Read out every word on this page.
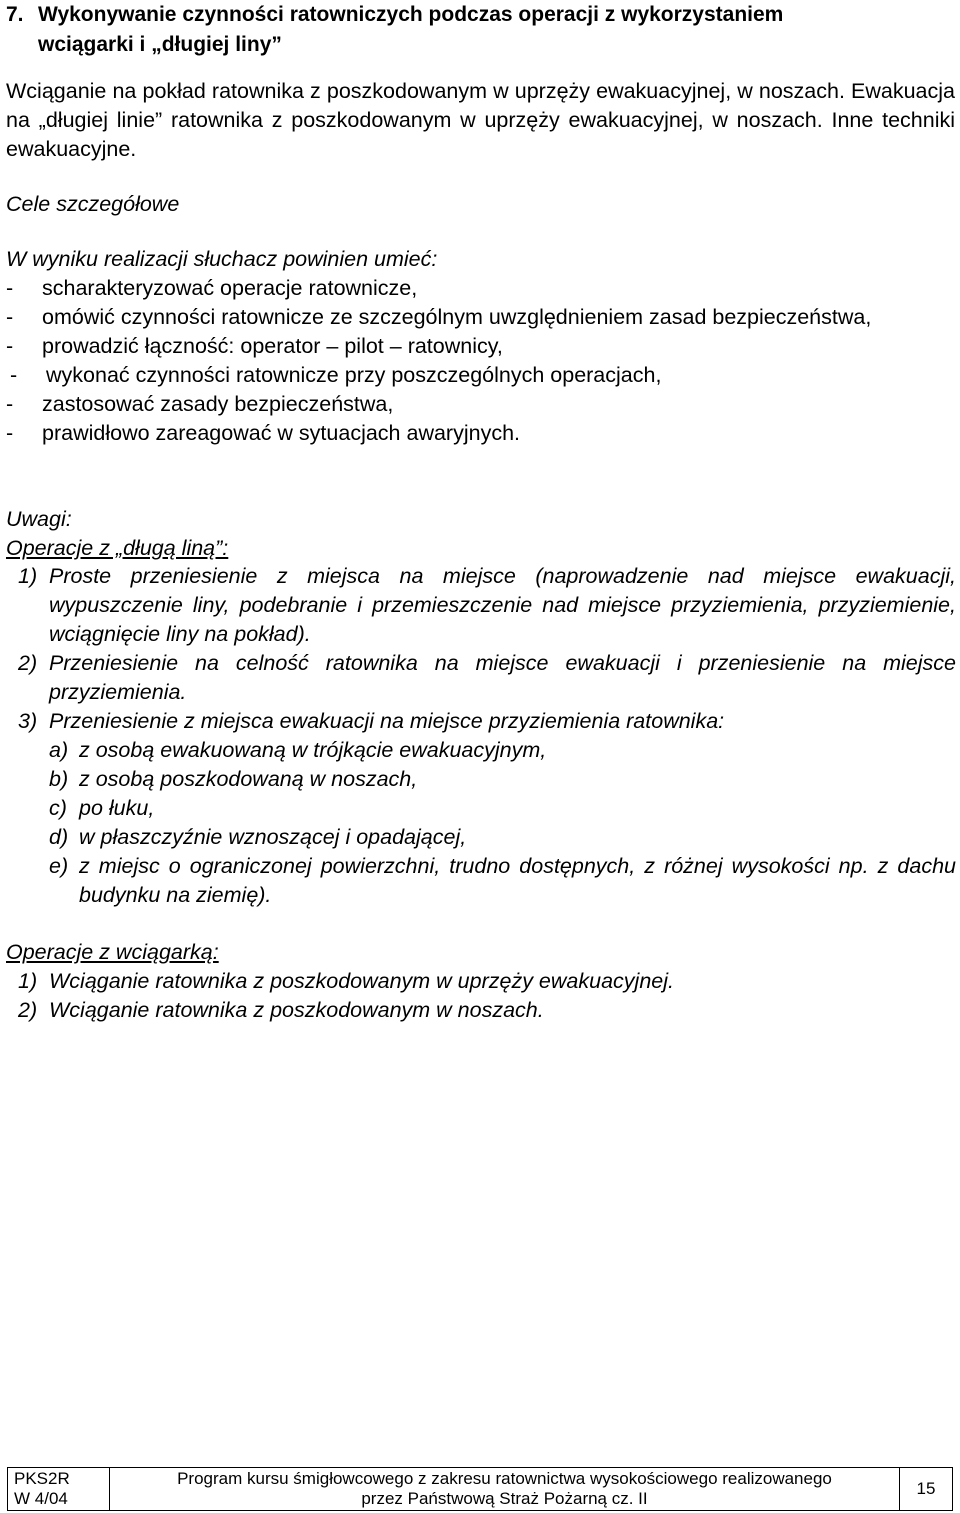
7. Wykonywanie czynności ratowniczych podczas operacji z wykorzystaniem
wciągarki i „długiej liny”
Wciąganie na pokład ratownika z poszkodowanym w uprzęży ewakuacyjnej, w noszach. Ewakuacja na „długiej linie” ratownika z poszkodowanym w uprzęży ewakuacyjnej, w noszach. Inne techniki ewakuacyjne.
Cele szczegółowe
W wyniku realizacji słuchacz powinien umieć:
-	scharakteryzować operacje ratownicze,
-	omówić czynności ratownicze ze szczególnym uwzględnieniem zasad bezpieczeństwa,
-	prowadzić łączność: operator – pilot – ratownicy,
-	wykonać czynności ratownicze przy poszczególnych operacjach,
-	zastosować zasady bezpieczeństwa,
-	prawidłowo zareagować w sytuacjach awaryjnych.
Uwagi:
Operacje z „długą liną”:
1) Proste przeniesienie z miejsca na miejsce (naprowadzenie nad miejsce ewakuacji, wypuszczenie liny, podebranie i przemieszczenie nad miejsce przyziemienia, przyziemienie, wciągnięcie liny na pokład).
2) Przeniesienie na celność ratownika na miejsce ewakuacji i przeniesienie na miejsce przyziemienia.
3) Przeniesienie z miejsca ewakuacji na miejsce przyziemienia ratownika:
a) z osobą ewakuowaną w trójkącie ewakuacyjnym,
b) z osobą poszkodowaną w noszach,
c) po łuku,
d) w płaszczyźnie wznoszącej i opadającej,
e) z miejsc o ograniczonej powierzchni, trudno dostępnych, z różnej wysokości np. z dachu budynku na ziemię).
Operacje z wciągarką:
1) Wciąganie ratownika z poszkodowanym w uprzęży ewakuacyjnej.
2) Wciąganie ratownika z poszkodowanym w noszach.
PKS2R
W 4/04
Program kursu śmigłowcowego z zakresu ratownictwa wysokościowego realizowanego
przez Państwową Straż Pożarną cz. II
15
